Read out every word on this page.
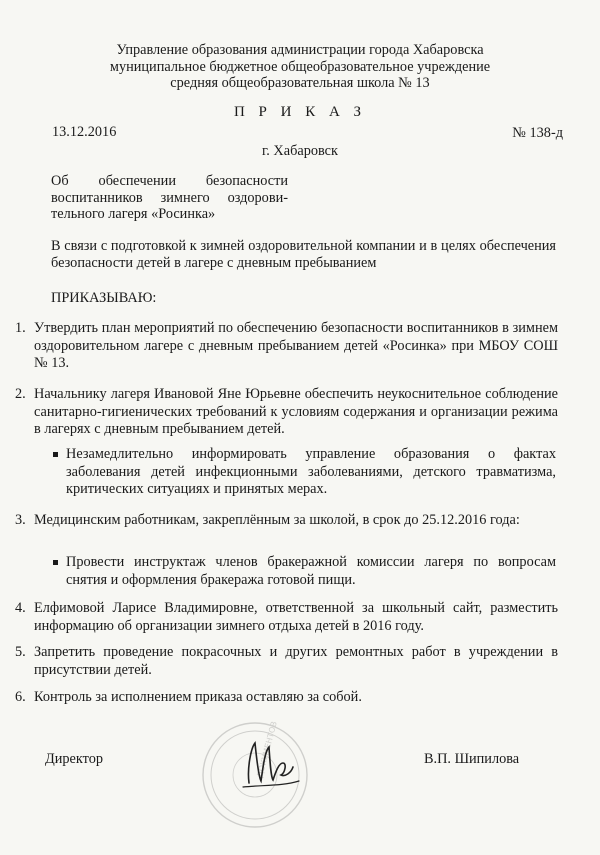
Управление образования администрации города Хабаровска
муниципальное бюджетное общеобразовательное учреждение
средняя общеобразовательная школа № 13
П Р И К А З
13.12.2016	№ 138-д
г. Хабаровск
Об обеспечении безопасности
воспитанников зимнего оздорови-
тельного лагеря «Росинка»
В связи с подготовкой к зимней оздоровительной компании и в целях обеспечения безопасности детей в лагере с дневным пребыванием
ПРИКАЗЫВАЮ:
1. Утвердить план мероприятий по обеспечению безопасности воспитанников в зимнем оздоровительном лагере с дневным пребыванием детей «Росинка» при МБОУ СОШ № 13.
2. Начальнику лагеря Ивановой Яне Юрьевне обеспечить неукоснительное соблюдение санитарно-гигиенических требований к условиям содержания и организации режима в лагерях с дневным пребыванием детей.
Незамедлительно информировать управление образования о фактах заболевания детей инфекционными заболеваниями, детского травматизма, критических ситуациях и принятых мерах.
3. Медицинским работникам, закреплённым за школой, в срок до 25.12.2016 года:
Провести инструктаж членов бракеражной комиссии лагеря по вопросам снятия и оформления бракеража готовой пищи.
4. Елфимовой Ларисе Владимировне, ответственной за школьный сайт, разместить информацию об организации зимнего отдыха детей в 2016 году.
5. Запретить проведение покрасочных и других ремонтных работ в учреждении в присутствии детей.
6. Контроль за исполнением приказа оставляю за собой.
ДОКУМЕНТОВ
Директор	В.П. Шипилова
